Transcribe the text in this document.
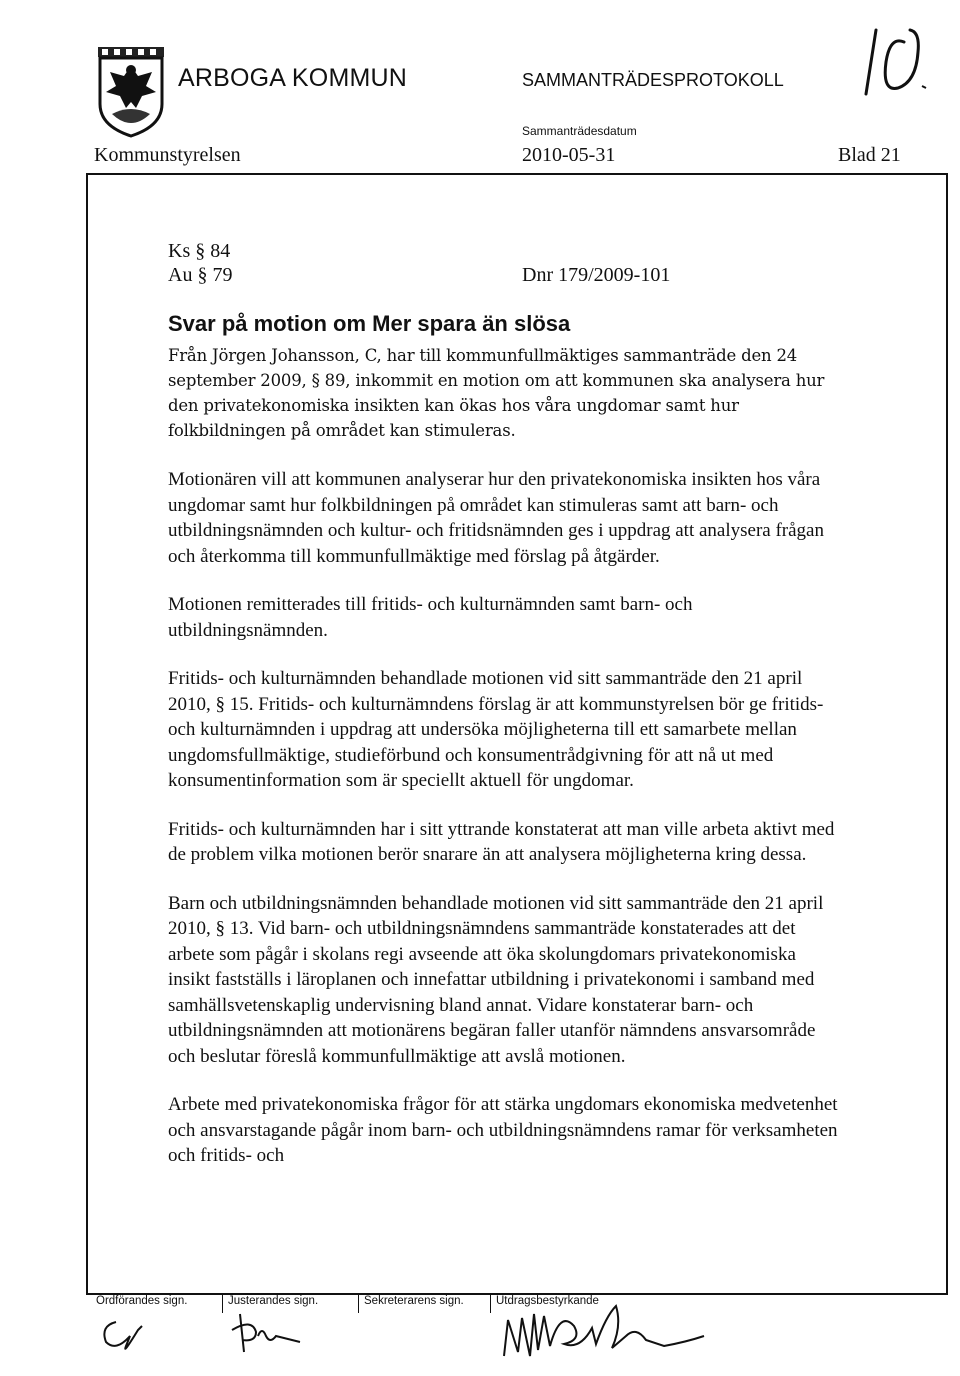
ARBOGA KOMMUN	SAMMANTRÄDESPROTOKOLL
Sammanträdesdatum
Kommunstyrelsen	2010-05-31	Blad 21
Ks § 84
Au § 79	Dnr 179/2009-101
Svar på motion om Mer spara än slösa

Från Jörgen Johansson, C, har till kommunfullmäktiges sammanträde den 24 september 2009, § 89, inkommit en motion om att kommunen ska analysera hur den privatekonomiska insikten kan ökas hos våra ungdomar samt hur folkbildningen på området kan stimuleras.

Motionären vill att kommunen analyserar hur den privatekonomiska insikten hos våra ungdomar samt hur folkbildningen på området kan stimuleras samt att barn- och utbildningsnämnden och kultur- och fritidsnämnden ges i uppdrag att analysera frågan och återkomma till kommunfullmäktige med förslag på åtgärder.

Motionen remitterades till fritids- och kulturnämnden samt barn- och utbildningsnämnden.

Fritids- och kulturnämnden behandlade motionen vid sitt sammanträde den 21 april 2010, § 15. Fritids- och kulturnämndens förslag är att kommunstyrelsen bör ge fritids- och kulturnämnden i uppdrag att undersöka möjligheterna till ett samarbete mellan ungdomsfullmäktige, studieförbund och konsumentrådgivning för att nå ut med konsumentinformation som är speciellt aktuell för ungdomar.

Fritids- och kulturnämnden har i sitt yttrande konstaterat att man ville arbeta aktivt med de problem vilka motionen berör snarare än att analysera möjligheterna kring dessa.

Barn och utbildningsnämnden behandlade motionen vid sitt sammanträde den 21 april 2010, § 13. Vid barn- och utbildningsnämndens sammanträde konstaterades att det arbete som pågår i skolans regi avseende att öka skolungdomars privatekonomiska insikt fastställs i läroplanen och innefattar utbildning i privatekonomi i samband med samhällsvetenskaplig undervisning bland annat. Vidare konstaterar barn- och utbildningsnämnden att motionärens begäran faller utanför nämndens ansvarsområde och beslutar föreslå kommunfullmäktige att avslå motionen.

Arbete med privatekonomiska frågor för att stärka ungdomars ekonomiska medvetenhet och ansvarstagande pågår inom barn- och utbildningsnämndens ramar för verksamheten och fritids- och

Ordförandes sign.	Justerandes sign.	Sekreterarens sign.	Utdragsbestyrkande
